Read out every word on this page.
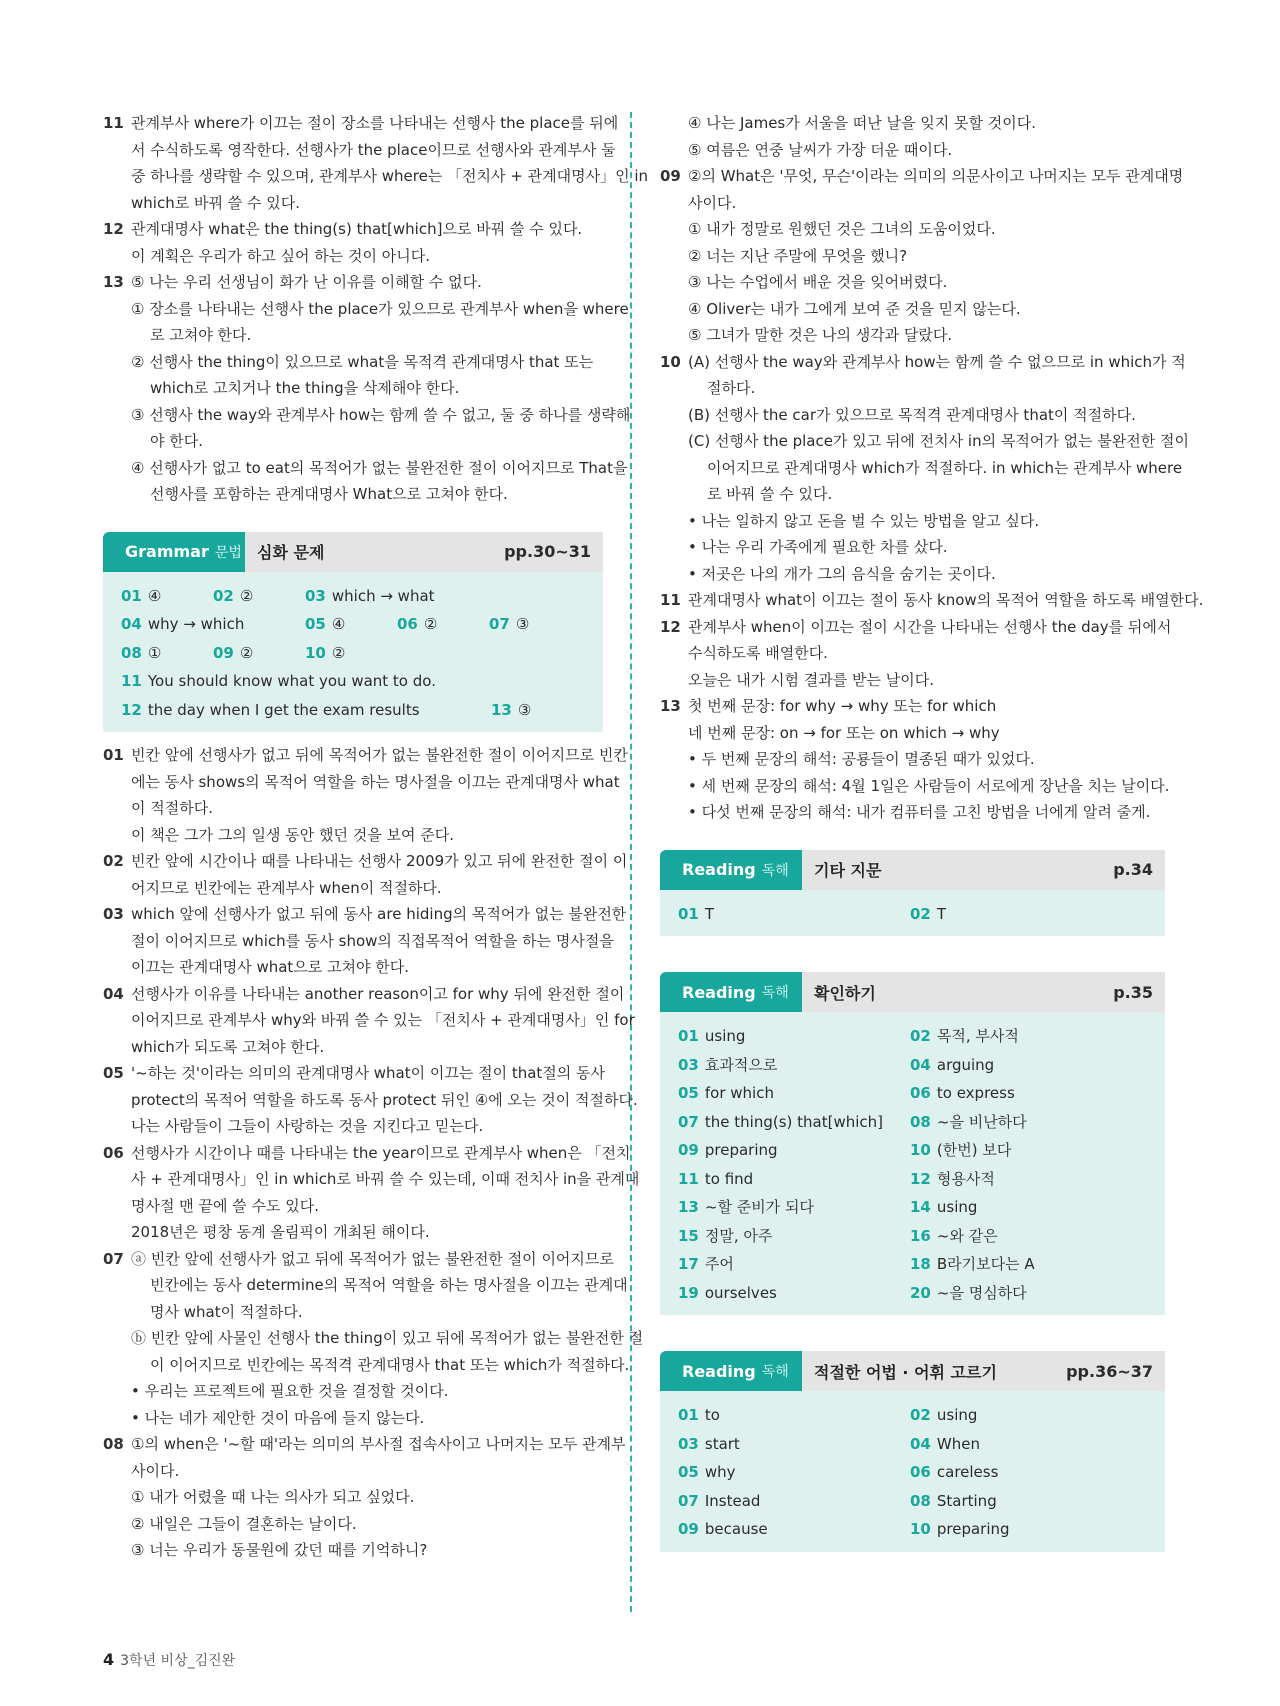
11 관계부사 where가 이끄는 절이 장소를 나타내는 선행사 the place를 뒤에
서 수식하도록 영작한다. 선행사가 the place이므로 선행사와 관계부사 둘
중 하나를 생략할 수 있으며, 관계부사 where는 「전치사 + 관계대명사」인 in
which로 바꿔 쓸 수 있다.
12 관계대명사 what은 the thing(s) that[which]으로 바꿔 쓸 수 있다.
이 계획은 우리가 하고 싶어 하는 것이 아니다.
13 ⑤ 나는 우리 선생님이 화가 난 이유를 이해할 수 없다.
① 장소를 나타내는 선행사 the place가 있으므로 관계부사 when을 where
로 고쳐야 한다.
② 선행사 the thing이 있으므로 what을 목적격 관계대명사 that 또는
which로 고치거나 the thing을 삭제해야 한다.
③ 선행사 the way와 관계부사 how는 함께 쓸 수 없고, 둘 중 하나를 생략해
야 한다.
④ 선행사가 없고 to eat의 목적어가 없는 불완전한 절이 이어지므로 That을
선행사를 포함하는 관계대명사 What으로 고쳐야 한다.
Grammar 문법 심화 문제	pp.30~31
01 ④	02 ②	03 which → what
04 why → which	05 ④	06 ②	07 ③
08 ①	09 ②	10 ②
11 You should know what you want to do.
12 the day when I get the exam results	13 ③
01 빈칸 앞에 선행사가 없고 뒤에 목적어가 없는 불완전한 절이 이어지므로 빈칸
에는 동사 shows의 목적어 역할을 하는 명사절을 이끄는 관계대명사 what
이 적절하다.
이 책은 그가 그의 일생 동안 했던 것을 보여 준다.
02 빈칸 앞에 시간이나 때를 나타내는 선행사 2009가 있고 뒤에 완전한 절이 이
어지므로 빈칸에는 관계부사 when이 적절하다.
03 which 앞에 선행사가 없고 뒤에 동사 are hiding의 목적어가 없는 불완전한
절이 이어지므로 which를 동사 show의 직접목적어 역할을 하는 명사절을
이끄는 관계대명사 what으로 고쳐야 한다.
04 선행사가 이유를 나타내는 another reason이고 for why 뒤에 완전한 절이
이어지므로 관계부사 why와 바꿔 쓸 수 있는 「전치사 + 관계대명사」인 for
which가 되도록 고쳐야 한다.
05 '~하는 것'이라는 의미의 관계대명사 what이 이끄는 절이 that절의 동사
protect의 목적어 역할을 하도록 동사 protect 뒤인 ④에 오는 것이 적절하다.
나는 사람들이 그들이 사랑하는 것을 지킨다고 믿는다.
06 선행사가 시간이나 때를 나타내는 the year이므로 관계부사 when은 「전치
사 + 관계대명사」인 in which로 바꿔 쓸 수 있는데, 이때 전치사 in을 관계대
명사절 맨 끝에 쓸 수도 있다.
2018년은 평창 동계 올림픽이 개최된 해이다.
07 ⓐ 빈칸 앞에 선행사가 없고 뒤에 목적어가 없는 불완전한 절이 이어지므로
빈칸에는 동사 determine의 목적어 역할을 하는 명사절을 이끄는 관계대
명사 what이 적절하다.
ⓑ 빈칸 앞에 사물인 선행사 the thing이 있고 뒤에 목적어가 없는 불완전한 절
이 이어지므로 빈칸에는 목적격 관계대명사 that 또는 which가 적절하다.
• 우리는 프로젝트에 필요한 것을 결정할 것이다.
• 나는 네가 제안한 것이 마음에 들지 않는다.
08 ①의 when은 '~할 때'라는 의미의 부사절 접속사이고 나머지는 모두 관계부
사이다.
① 내가 어렸을 때 나는 의사가 되고 싶었다.
② 내일은 그들이 결혼하는 날이다.
③ 너는 우리가 동물원에 갔던 때를 기억하니?
④ 나는 James가 서울을 떠난 날을 잊지 못할 것이다.
⑤ 여름은 연중 날씨가 가장 더운 때이다.
09 ②의 What은 '무엇, 무슨'이라는 의미의 의문사이고 나머지는 모두 관계대명
사이다.
① 내가 정말로 원했던 것은 그녀의 도움이었다.
② 너는 지난 주말에 무엇을 했니?
③ 나는 수업에서 배운 것을 잊어버렸다.
④ Oliver는 내가 그에게 보여 준 것을 믿지 않는다.
⑤ 그녀가 말한 것은 나의 생각과 달랐다.
10 (A) 선행사 the way와 관계부사 how는 함께 쓸 수 없으므로 in which가 적
절하다.
(B) 선행사 the car가 있으므로 목적격 관계대명사 that이 적절하다.
(C) 선행사 the place가 있고 뒤에 전치사 in의 목적어가 없는 불완전한 절이
이어지므로 관계대명사 which가 적절하다. in which는 관계부사 where
로 바꿔 쓸 수 있다.
• 나는 일하지 않고 돈을 벌 수 있는 방법을 알고 싶다.
• 나는 우리 가족에게 필요한 차를 샀다.
• 저곳은 나의 개가 그의 음식을 숨기는 곳이다.
11 관계대명사 what이 이끄는 절이 동사 know의 목적어 역할을 하도록 배열한다.
12 관계부사 when이 이끄는 절이 시간을 나타내는 선행사 the day를 뒤에서
수식하도록 배열한다.
오늘은 내가 시험 결과를 받는 날이다.
13 첫 번째 문장: for why → why 또는 for which
네 번째 문장: on → for 또는 on which → why
• 두 번째 문장의 해석: 공룡들이 멸종된 때가 있었다.
• 세 번째 문장의 해석: 4월 1일은 사람들이 서로에게 장난을 치는 날이다.
• 다섯 번째 문장의 해석: 내가 컴퓨터를 고친 방법을 너에게 알려 줄게.
Reading 독해	기타 지문	p.34
01 T	02 T
Reading 독해	확인하기	p.35
01 using	02 목적, 부사적
03 효과적으로	04 arguing
05 for which	06 to express
07 the thing(s) that[which]	08 ~을 비난하다
09 preparing	10 (한번) 보다
11 to find	12 형용사적
13 ~할 준비가 되다	14 using
15 정말, 아주	16 ~와 같은
17 주어	18 B라기보다는 A
19 ourselves	20 ~을 명심하다
Reading 독해	적절한 어법 · 어휘 고르기	pp.36~37
01 to	02 using
03 start	04 When
05 why	06 careless
07 Instead	08 Starting
09 because	10 preparing
4 3학년 비상_김진완
